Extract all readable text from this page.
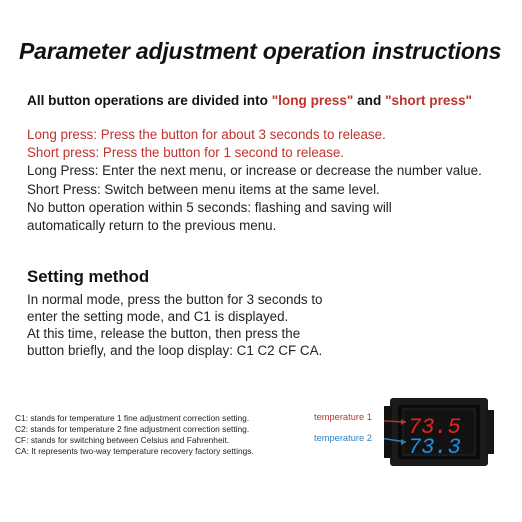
Parameter adjustment operation instructions
All button operations are divided into "long press" and "short press"
Long press: Press the button for about 3 seconds to release.
Short press: Press the button for 1 second to release.
Long Press: Enter the next menu, or increase or decrease the number value.
Short Press: Switch between menu items at the same level.
No button operation within 5 seconds: flashing and saving will
automatically return to the previous menu.
Setting method
In normal mode, press the button for 3 seconds to
enter the setting mode, and C1 is displayed.
At this time, release the button, then press the
button briefly, and the loop display: C1 C2 CF CA.
C1: stands for temperature 1 fine adjustment correction setting.
C2: stands for temperature 2 fine adjustment correction setting.
CF: stands for switching between Celsius and Fahrenheit.
CA: It represents two-way temperature recovery factory settings.
temperature 1
temperature 2 73.5
73.3
